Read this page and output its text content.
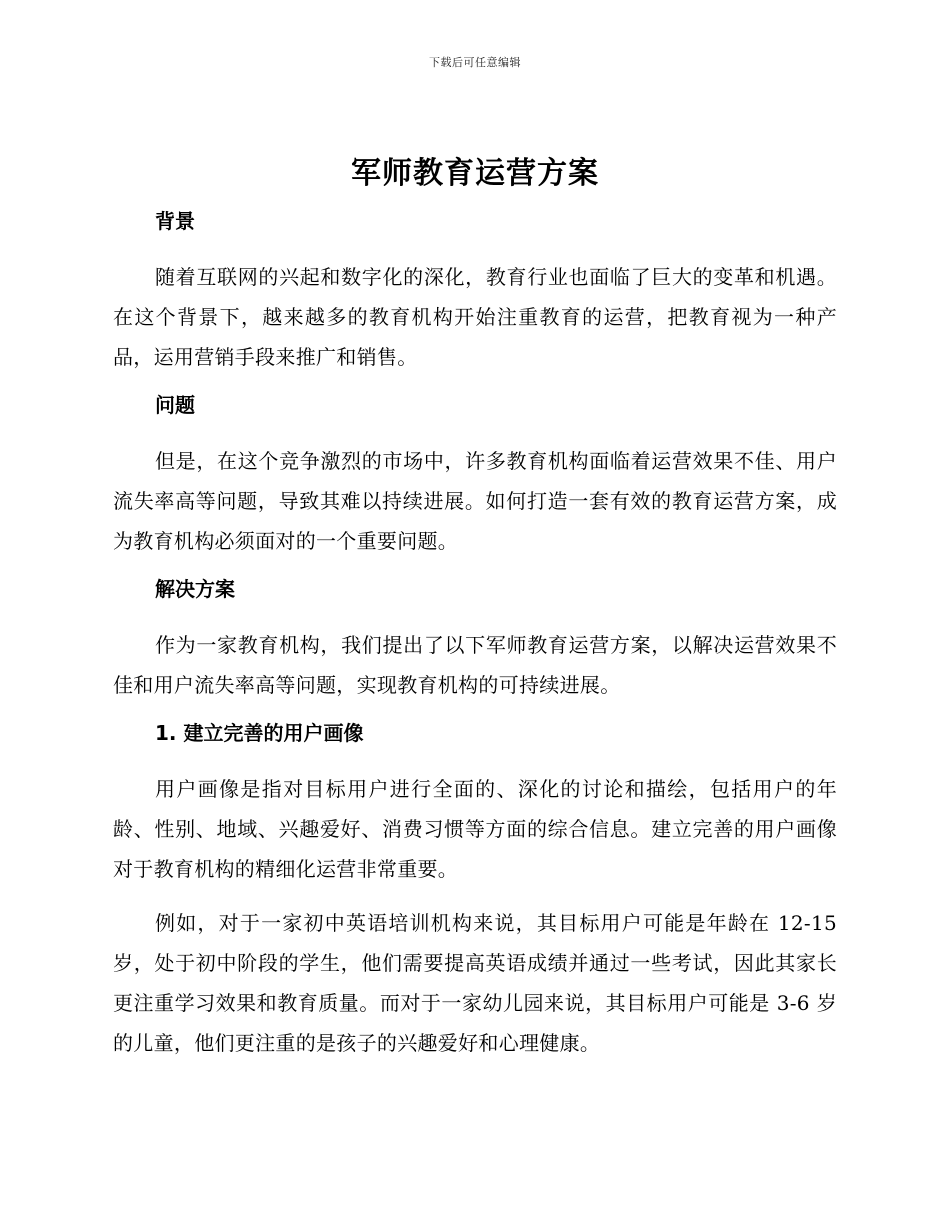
下载后可任意编辑
军师教育运营方案
背景

随着互联网的兴起和数字化的深化，教育行业也面临了巨大的变革和机遇。在这个背景下，越来越多的教育机构开始注重教育的运营，把教育视为一种产品，运用营销手段来推广和销售。

问题

但是，在这个竞争激烈的市场中，许多教育机构面临着运营效果不佳、用户流失率高等问题，导致其难以持续进展。如何打造一套有效的教育运营方案，成为教育机构必须面对的一个重要问题。

解决方案

作为一家教育机构，我们提出了以下军师教育运营方案，以解决运营效果不佳和用户流失率高等问题，实现教育机构的可持续进展。

1. 建立完善的用户画像

用户画像是指对目标用户进行全面的、深化的讨论和描绘，包括用户的年龄、性别、地域、兴趣爱好、消费习惯等方面的综合信息。建立完善的用户画像对于教育机构的精细化运营非常重要。

例如，对于一家初中英语培训机构来说，其目标用户可能是年龄在 12-15 岁，处于初中阶段的学生，他们需要提高英语成绩并通过一些考试，因此其家长更注重学习效果和教育质量。而对于一家幼儿园来说，其目标用户可能是 3-6 岁的儿童，他们更注重的是孩子的兴趣爱好和心理健康。
